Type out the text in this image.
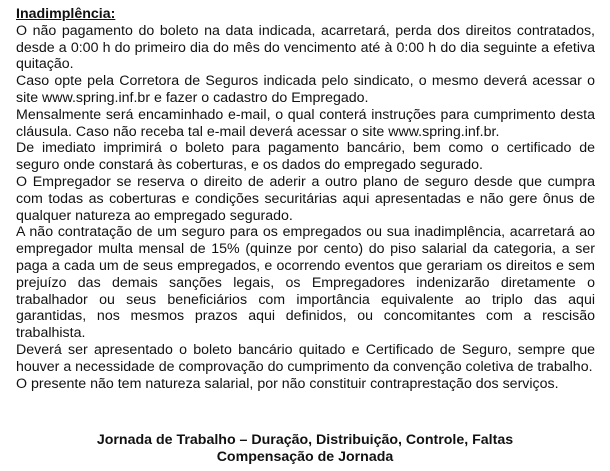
Inadimplência:

O não pagamento do boleto na data indicada, acarretará, perda dos direitos contratados, desde a 0:00 h do primeiro dia do mês do vencimento até à 0:00 h do dia seguinte a efetiva quitação.

Caso opte pela Corretora de Seguros indicada pelo sindicato, o mesmo deverá acessar o site www.spring.inf.br e fazer o cadastro do Empregado.

Mensalmente será encaminhado e-mail, o qual conterá instruções para cumprimento desta cláusula. Caso não receba tal e-mail deverá acessar o site www.spring.inf.br.

De imediato imprimirá o boleto para pagamento bancário, bem como o certificado de seguro onde constará às coberturas, e os dados do empregado segurado.

O Empregador se reserva o direito de aderir a outro plano de seguro desde que cumpra com todas as coberturas e condições securitárias aqui apresentadas e não gere ônus de qualquer natureza ao empregado segurado.

A não contratação de um seguro para os empregados ou sua inadimplência, acarretará ao empregador multa mensal de 15% (quinze por cento) do piso salarial da categoria, a ser paga a cada um de seus empregados, e ocorrendo eventos que gerariam os direitos e sem prejuízo das demais sanções legais, os Empregadores indenizarão diretamente o trabalhador ou seus beneficiários com importância equivalente ao triplo das aqui garantidas, nos mesmos prazos aqui definidos, ou concomitantes com a rescisão trabalhista.

Deverá ser apresentado o boleto bancário quitado e Certificado de Seguro, sempre que houver a necessidade de comprovação do cumprimento da convenção coletiva de trabalho.

O presente não tem natureza salarial, por não constituir contraprestação dos serviços.

Jornada de Trabalho – Duração, Distribuição, Controle, Faltas
Compensação de Jornada
